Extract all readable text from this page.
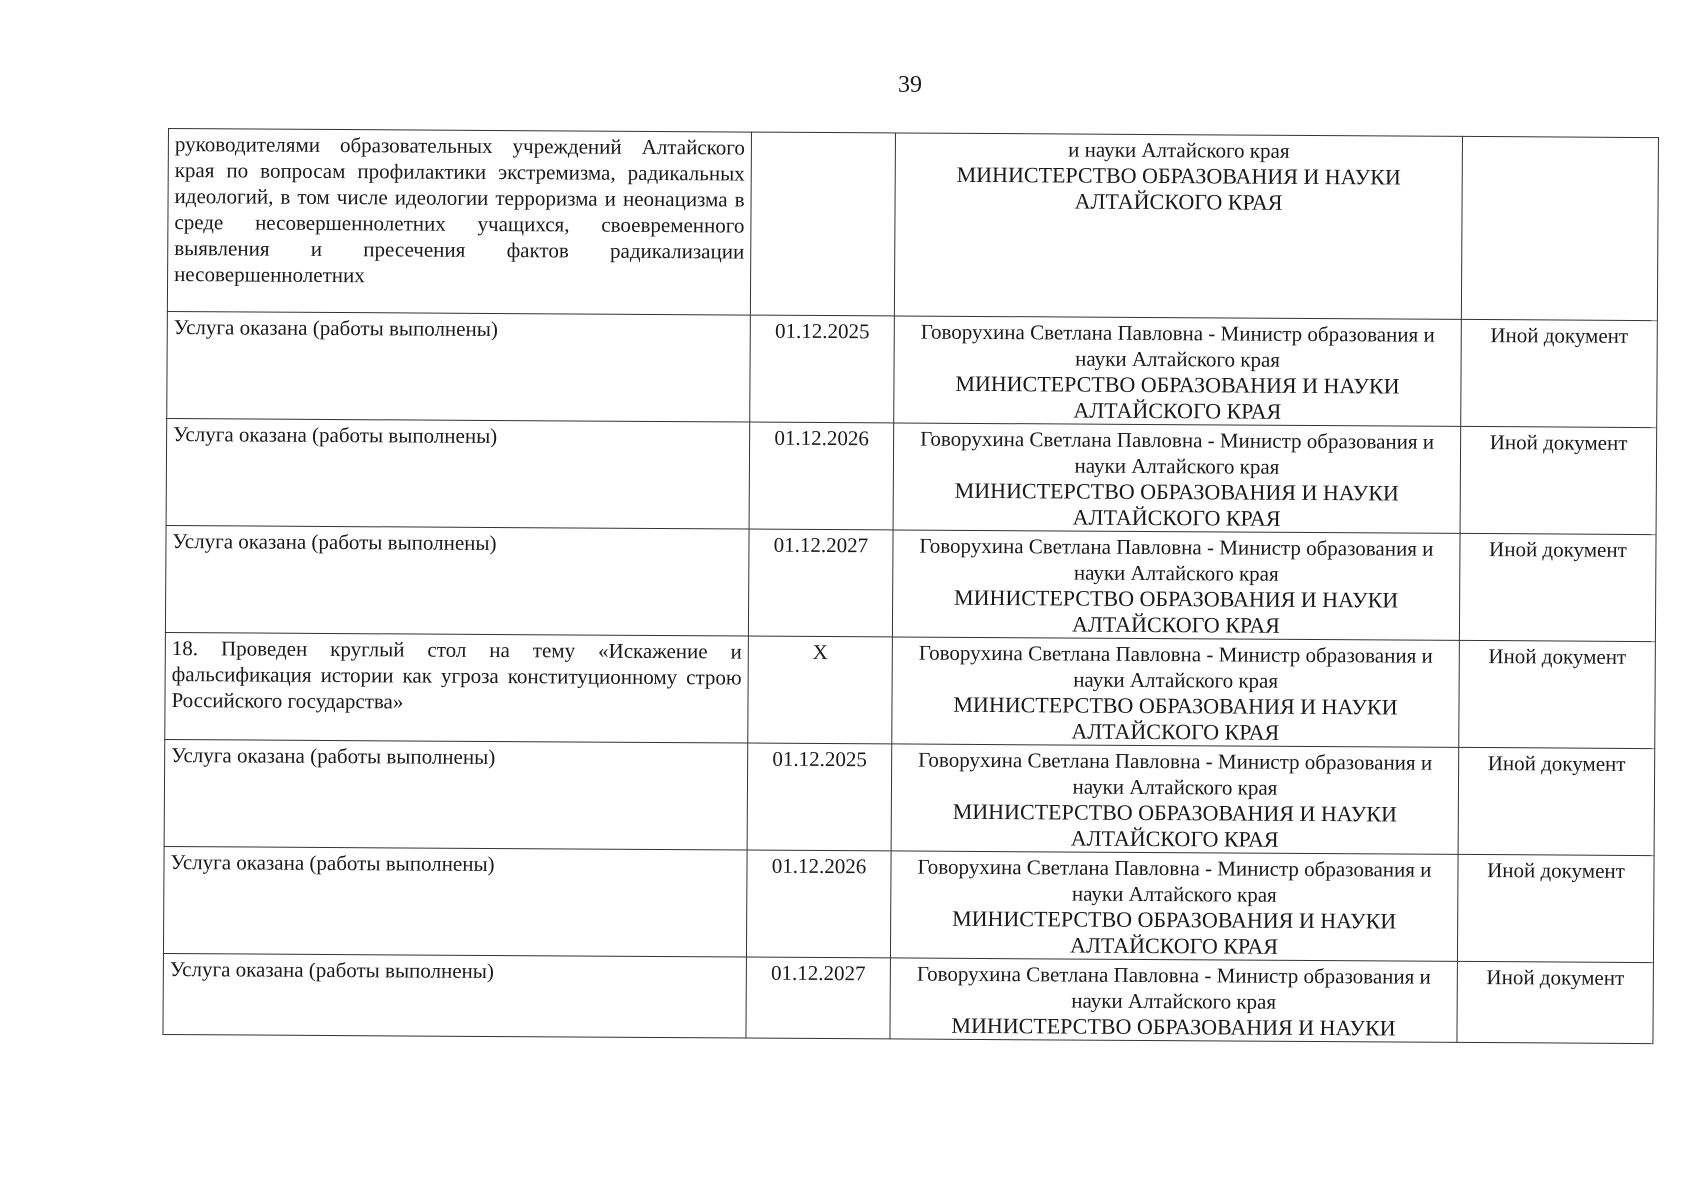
39
руководителями образовательных учреждений Алтайского края по вопросам профилактики экстремизма, радикальных идеологий, в том числе идеологии терроризма и неонацизма в среде несовершеннолетних учащихся, своевременного выявления и пресечения фактов радикализации несовершеннолетних		и науки Алтайского края
МИНИСТЕРСТВО ОБРАЗОВАНИЯ И НАУКИ АЛТАЙСКОГО КРАЯ	

Услуга оказана (работы выполнены)	01.12.2025	Говорухина Светлана Павловна - Министр образования и науки Алтайского края
МИНИСТЕРСТВО ОБРАЗОВАНИЯ И НАУКИ АЛТАЙСКОГО КРАЯ	Иной документ
Услуга оказана (работы выполнены)	01.12.2026	Говорухина Светлана Павловна - Министр образования и науки Алтайского края
МИНИСТЕРСТВО ОБРАЗОВАНИЯ И НАУКИ АЛТАЙСКОГО КРАЯ	Иной документ
Услуга оказана (работы выполнены)	01.12.2027	Говорухина Светлана Павловна - Министр образования и науки Алтайского края
МИНИСТЕРСТВО ОБРАЗОВАНИЯ И НАУКИ АЛТАЙСКОГО КРАЯ	Иной документ
18. Проведен круглый стол на тему «Искажение и фальсификация истории как угроза конституционному строю Российского государства»	X	Говорухина Светлана Павловна - Министр образования и науки Алтайского края
МИНИСТЕРСТВО ОБРАЗОВАНИЯ И НАУКИ АЛТАЙСКОГО КРАЯ	Иной документ
Услуга оказана (работы выполнены)	01.12.2025	Говорухина Светлана Павловна - Министр образования и науки Алтайского края
МИНИСТЕРСТВО ОБРАЗОВАНИЯ И НАУКИ АЛТАЙСКОГО КРАЯ	Иной документ
Услуга оказана (работы выполнены)	01.12.2026	Говорухина Светлана Павловна - Министр образования и науки Алтайского края
МИНИСТЕРСТВО ОБРАЗОВАНИЯ И НАУКИ АЛТАЙСКОГО КРАЯ	Иной документ
Услуга оказана (работы выполнены)	01.12.2027	Говорухина Светлана Павловна - Министр образования и науки Алтайского края
МИНИСТЕРСТВО ОБРАЗОВАНИЯ И НАУКИ	Иной документ
